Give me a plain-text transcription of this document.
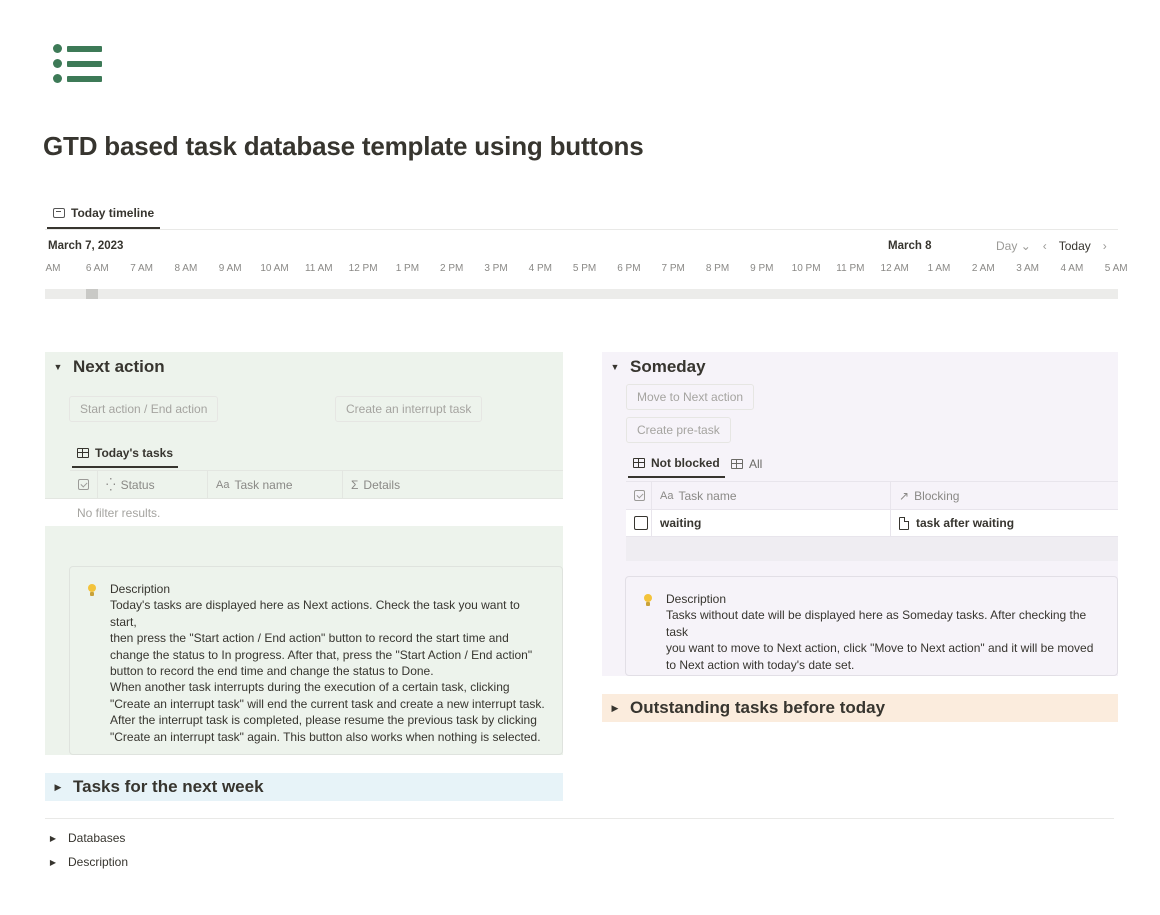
GTD based task database template using buttons
Today timeline
March 7, 2023	March 8	Day ⌄ ‹ Today ›
AM	6 AM 7 AM 8 AM 9 AM 10 AM 11 AM 12 PM 1 PM 2 PM 3 PM 4 PM 5 PM 6 PM 7 PM 8 PM 9 PM 10 PM 11 PM 12 AM 1 AM 2 AM 3 AM 4 AM 5 AM
▼ Next action
Start action / End action	Create an interrupt task
Today's tasks
⁛ Status	Aa Task name	Σ Details
No filter results.
Description
Today's tasks are displayed here as Next actions. Check the task you want to start,
then press the "Start action / End action" button to record the start time and
change the status to In progress. After that, press the "Start Action / End action"
button to record the end time and change the status to Done.
When another task interrupts during the execution of a certain task, clicking
"Create an interrupt task" will end the current task and create a new interrupt task.
After the interrupt task is completed, please resume the previous task by clicking
"Create an interrupt task" again. This button also works when nothing is selected.
▶ Tasks for the next week
▼ Someday
Move to Next action
Create pre-task
Not blocked All
Aa Task name	↗ Blocking
waiting	task after waiting
Description
Tasks without date will be displayed here as Someday tasks. After checking the task
you want to move to Next action, click "Move to Next action" and it will be moved
to Next action with today's date set.
▶ Outstanding tasks before today
▶ Databases
▶ Description
